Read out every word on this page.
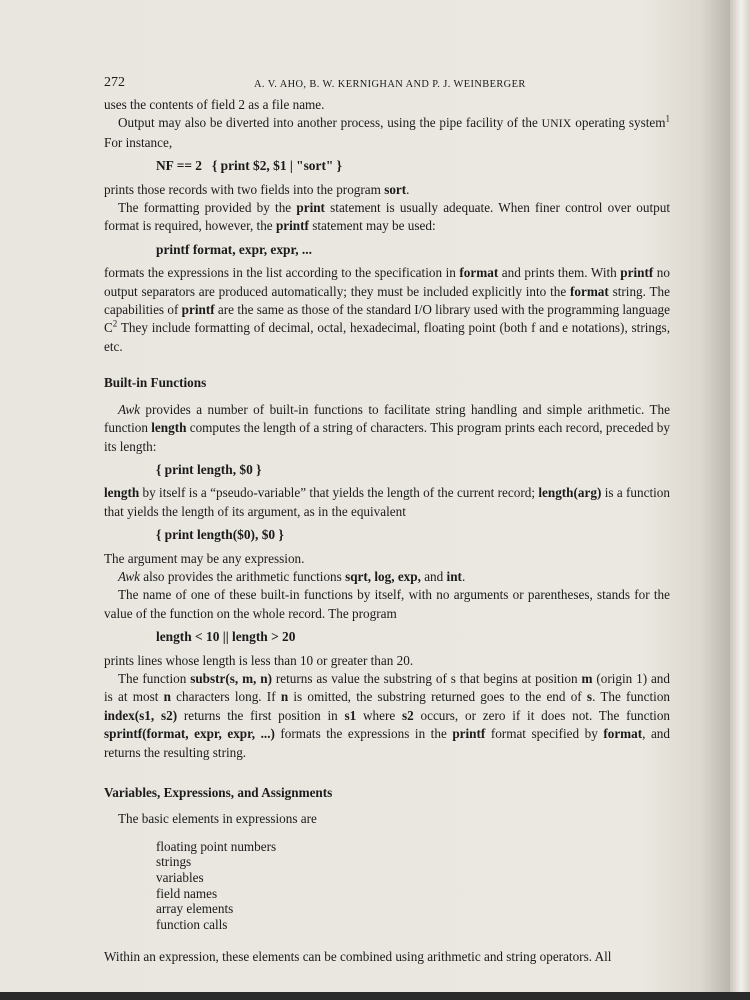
272	A. V. AHO, B. W. KERNIGHAN AND P. J. WEINBERGER

uses the contents of field 2 as a file name.

Output may also be diverted into another process, using the pipe facility of the UNIX operating system$^1$ For instance,

NF == 2   { print $2, $1 | "sort" }

prints those records with two fields into the program sort.

The formatting provided by the print statement is usually adequate. When finer control over output format is required, however, the printf statement may be used:

printf format, expr, expr, ...

formats the expressions in the list according to the specification in format and prints them. With printf no output separators are produced automatically; they must be included explicitly into the format string. The capabilities of printf are the same as those of the standard I/O library used with the programming language $C^2$ They include formatting of decimal, octal, hexadecimal, floating point (both f and e notations), strings, etc.

Built-in Functions

Awk provides a number of built-in functions to facilitate string handling and simple arithmetic. The function length computes the length of a string of characters. This program prints each record, preceded by its length:

{ print length, $0 }

length by itself is a “pseudo-variable” that yields the length of the current record; length(arg) is a function that yields the length of its argument, as in the equivalent

{ print length($0), $0 }

The argument may be any expression.

Awk also provides the arithmetic functions sqrt, log, exp, and int.

The name of one of these built-in functions by itself, with no arguments or parentheses, stands for the value of the function on the whole record. The program

length < 10 || length > 20

prints lines whose length is less than 10 or greater than 20.

The function substr(s, m, n) returns as value the substring of s that begins at position m (origin 1) and is at most n characters long. If n is omitted, the substring returned goes to the end of s. The function index(s1, s2) returns the first position in s1 where s2 occurs, or zero if it does not. The function sprintf(format, expr, expr, ...) formats the expressions in the printf format specified by format, and returns the resulting string.

Variables, Expressions, and Assignments

The basic elements in expressions are

floating point numbers
strings
variables
field names
array elements
function calls

Within an expression, these elements can be combined using arithmetic and string operators. All
